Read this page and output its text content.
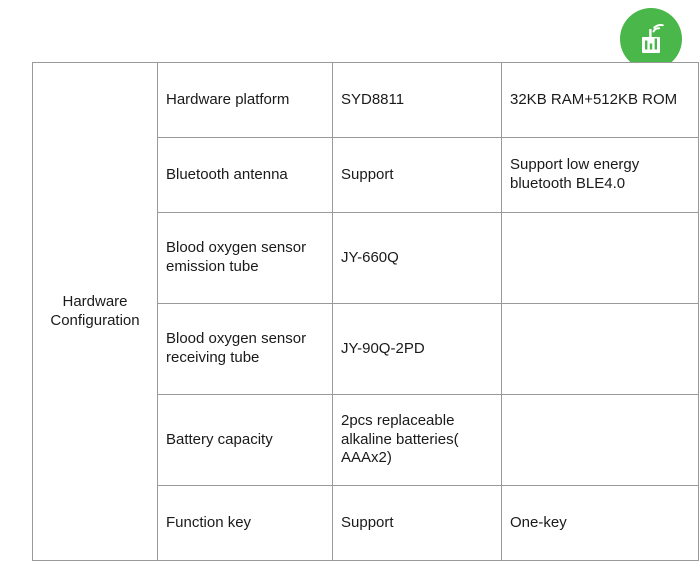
Hardware
Configuration	Hardware platform	SYD8811	32KB RAM+512KB ROM
	Bluetooth antenna	Support	Support low energy bluetooth BLE4.0
	Blood oxygen sensor emission tube	JY-660Q	
	Blood oxygen sensor receiving tube	JY-90Q-2PD	
	Battery capacity	2pcs replaceable alkaline batteries( AAAx2)	
	Function key	Support	One-key
